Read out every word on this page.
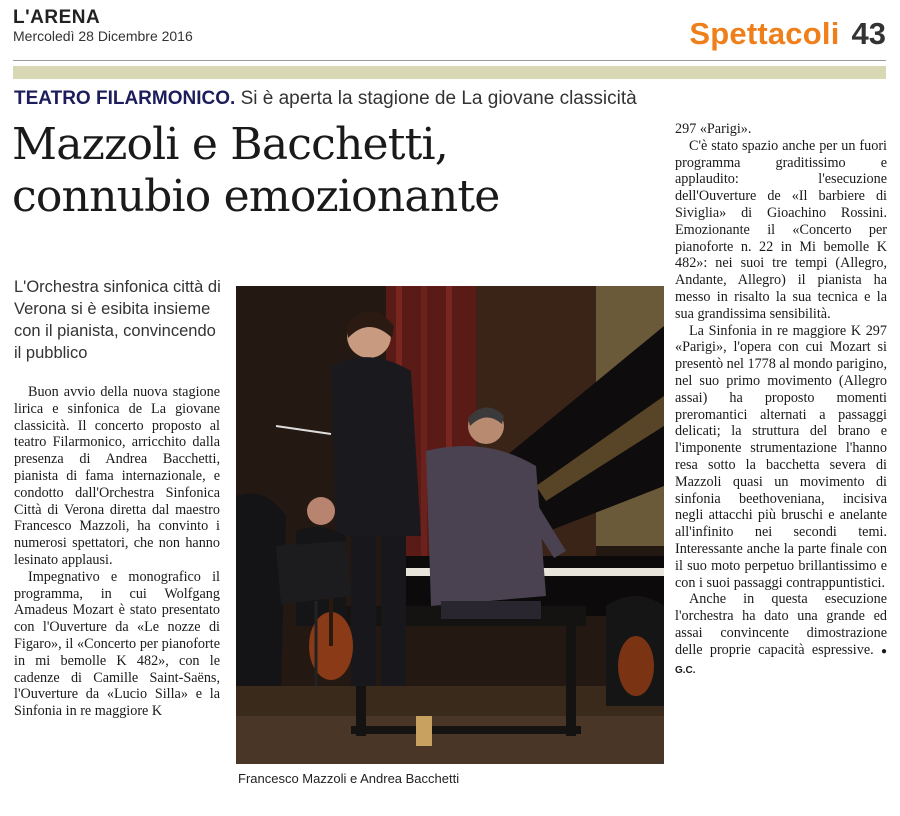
L'ARENA
Mercoledì 28 Dicembre 2016	Spettacoli 43
TEATRO FILARMONICO. Si è aperta la stagione de La giovane classicità
Mazzoli e Bacchetti,
connubio emozionante
L'Orchestra sinfonica città di Verona si è esibita insieme con il pianista, convincendo il pubblico

Buon avvio della nuova stagione lirica e sinfonica de La giovane classicità. Il concerto proposto al teatro Filarmonico, arricchito dalla presenza di Andrea Bacchetti, pianista di fama internazionale, e condotto dall'Orchestra Sinfonica Città di Verona diretta dal maestro Francesco Mazzoli, ha convinto i numerosi spettatori, che non hanno lesinato applausi.

Impegnativo e monografico il programma, in cui Wolfgang Amadeus Mozart è stato presentato con l'Ouverture da «Le nozze di Figaro», il «Concerto per pianoforte in mi bemolle K 482», con le cadenze di Camille Saint-Saëns, l'Ouverture da «Lucio Silla» e la Sinfonia in re maggiore K

Francesco Mazzoli e Andrea Bacchetti

297 «Parigi».

C'è stato spazio anche per un fuori programma graditissimo e applaudito: l'esecuzione dell'Ouverture de «Il barbiere di Siviglia» di Gioachino Rossini. Emozionante il «Concerto per pianoforte n. 22 in Mi bemolle K 482»: nei suoi tre tempi (Allegro, Andante, Allegro) il pianista ha messo in risalto la sua tecnica e la sua grandissima sensibilità.

La Sinfonia in re maggiore K 297 «Parigi», l'opera con cui Mozart si presentò nel 1778 al mondo parigino, nel suo primo movimento (Allegro assai) ha proposto momenti preromantici alternati a passaggi delicati; la struttura del brano e l'imponente strumentazione l'hanno resa sotto la bacchetta severa di Mazzoli quasi un movimento di sinfonia beethoveniana, incisiva negli attacchi più bruschi e anelante all'infinito nei secondi temi. Interessante anche la parte finale con il suo moto perpetuo brillantissimo e con i suoi passaggi contrappuntistici.

Anche in questa esecuzione l'orchestra ha dato una grande ed assai convincente dimostrazione delle proprie capacità espressive. ● G.C.
